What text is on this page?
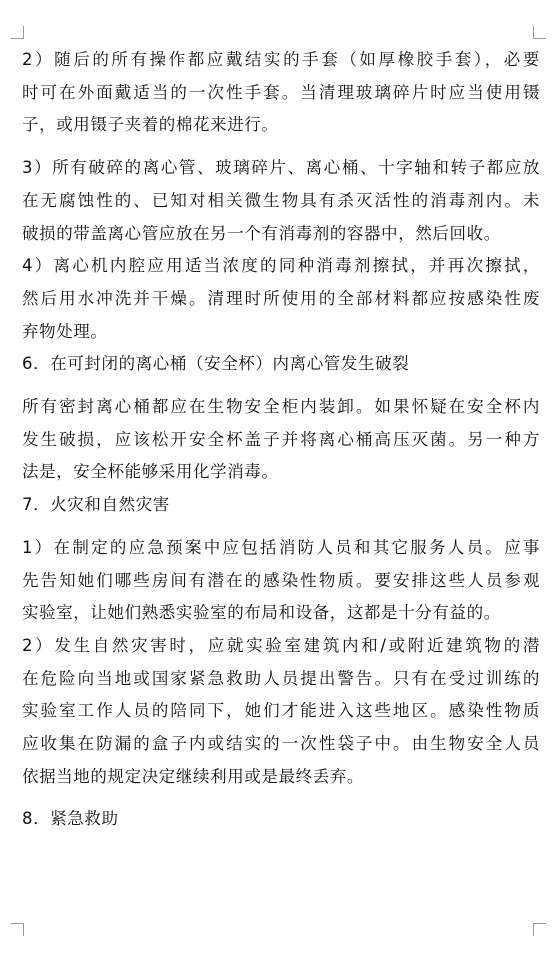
2）随后的所有操作都应戴结实的手套（如厚橡胶手套），必要
时可在外面戴适当的一次性手套。当清理玻璃碎片时应当使用镊
子，或用镊子夹着的棉花来进行。
3）所有破碎的离心管、玻璃碎片、离心桶、十字轴和转子都应放
在无腐蚀性的、已知对相关微生物具有杀灭活性的消毒剂内。未
破损的带盖离心管应放在另一个有消毒剂的容器中，然后回收。
4）离心机内腔应用适当浓度的同种消毒剂擦拭，并再次擦拭，
然后用水冲洗并干燥。清理时所使用的全部材料都应按感染性废
弃物处理。
6．在可封闭的离心桶（安全杯）内离心管发生破裂
所有密封离心桶都应在生物安全柜内装卸。如果怀疑在安全杯内
发生破损，应该松开安全杯盖子并将离心桶高压灭菌。另一种方
法是，安全杯能够采用化学消毒。
7．火灾和自然灾害
1）在制定的应急预案中应包括消防人员和其它服务人员。应事
先告知她们哪些房间有潜在的感染性物质。要安排这些人员参观
实验室，让她们熟悉实验室的布局和设备，这都是十分有益的。
2）发生自然灾害时，应就实验室建筑内和/或附近建筑物的潜
在危险向当地或国家紧急救助人员提出警告。只有在受过训练的
实验室工作人员的陪同下，她们才能进入这些地区。感染性物质
应收集在防漏的盒子内或结实的一次性袋子中。由生物安全人员
依据当地的规定决定继续利用或是最终丢弃。
8．紧急救助
